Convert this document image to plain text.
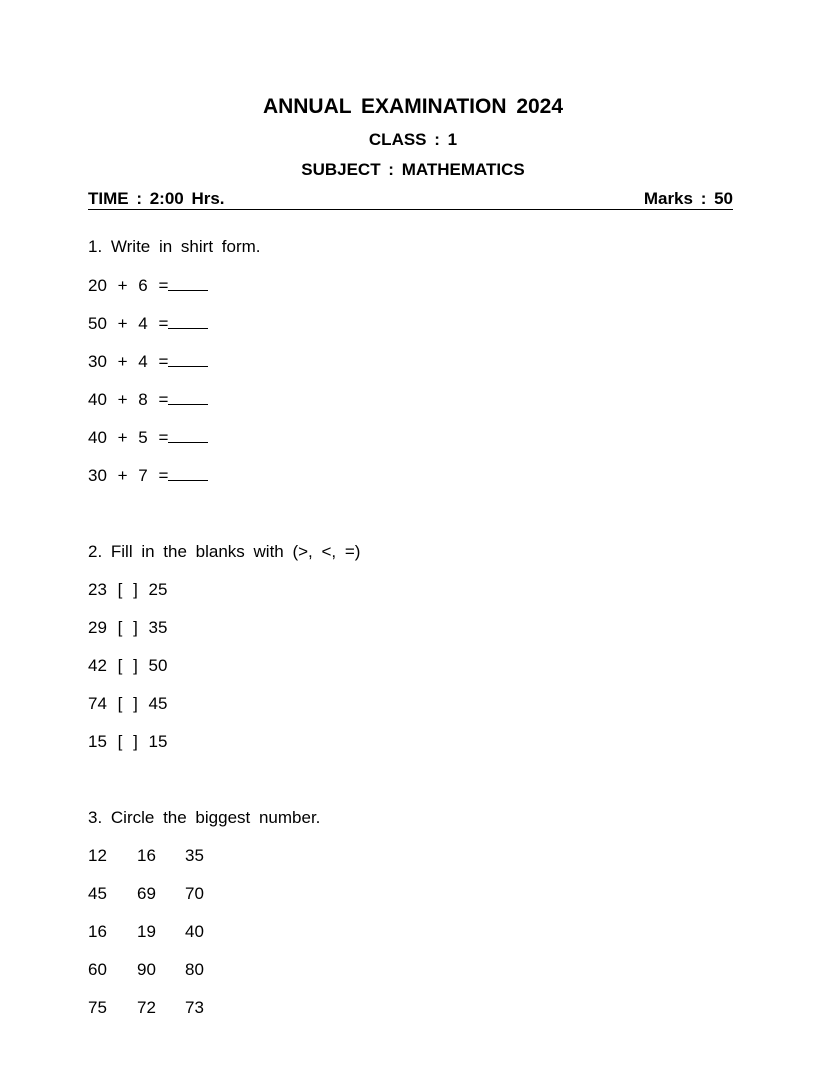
ANNUAL EXAMINATION 2024
CLASS : 1
SUBJECT : MATHEMATICS
TIME : 2:00 Hrs.	Marks : 50
1. Write in shirt form.
20 + 6 =
50 + 4 =
30 + 4 =
40 + 8 =
40 + 5 =
30 + 7 =
2. Fill in the blanks with (>, <, =)
23 [ ] 25
29 [ ] 35
42 [ ] 50
74 [ ] 45
15 [ ] 15
3. Circle the biggest number.
12 16 35
45 69 70
16 19 40
60 90 80
75 72 73
